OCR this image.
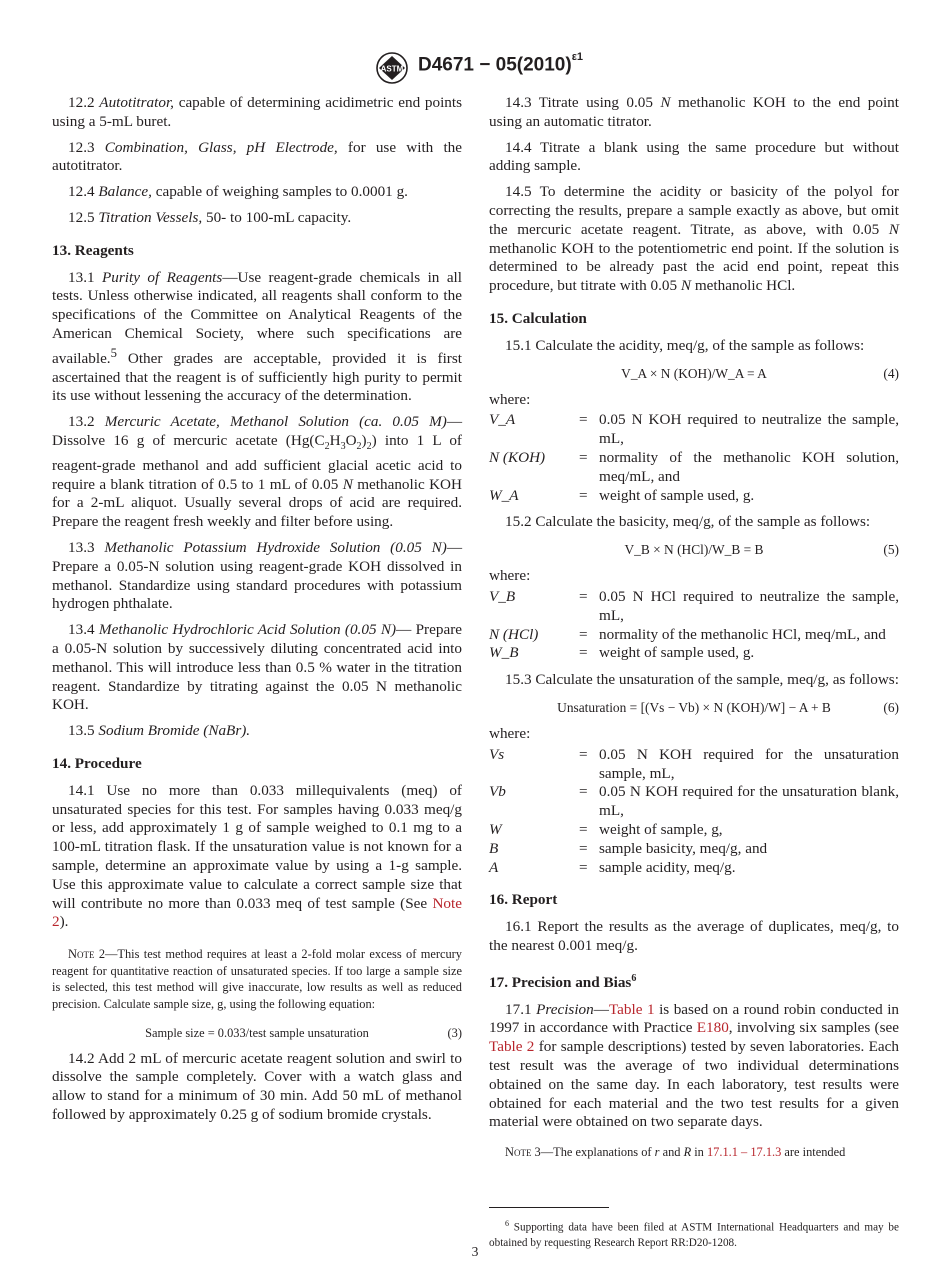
ASTM $D4671 - 05(2010)^{\varepsilon 1}$

12.2 Autotitrator, capable of determining acidimetric end points using a 5-mL buret.

12.3 Combination, Glass, pH Electrode, for use with the autotitrator.

12.4 Balance, capable of weighing samples to 0.0001 g.

12.5 Titration Vessels, 50- to 100-mL capacity.

13. Reagents

13.1 Purity of Reagents—Use reagent-grade chemicals in all tests. Unless otherwise indicated, all reagents shall conform to the specifications of the Committee on Analytical Reagents of the American Chemical Society, where such specifications are available.$^5$ Other grades are acceptable, provided it is first ascertained that the reagent is of sufficiently high purity to permit its use without lessening the accuracy of the determination.

13.2 Mercuric Acetate, Methanol Solution (ca. 0.05 M)— Dissolve 16 g of mercuric acetate $(Hg(C_2H_3O_2)_2)$ into 1 L of reagent-grade methanol and add sufficient glacial acetic acid to require a blank titration of 0.5 to 1 mL of 0.05 N methanolic KOH for a 2-mL aliquot. Usually several drops of acid are required. Prepare the reagent fresh weekly and filter before using.

13.3 Methanolic Potassium Hydroxide Solution (0.05 N)— Prepare a 0.05-N solution using reagent-grade KOH dissolved in methanol. Standardize using standard procedures with potassium hydrogen phthalate.

13.4 Methanolic Hydrochloric Acid Solution (0.05 N)— Prepare a 0.05-N solution by successively diluting concentrated acid into methanol. This will introduce less than 0.5 % water in the titration reagent. Standardize by titrating against the 0.05 N methanolic KOH.

13.5 Sodium Bromide (NaBr).

14. Procedure

14.1 Use no more than 0.033 millequivalents (meq) of unsaturated species for this test. For samples having 0.033 meq/g or less, add approximately 1 g of sample weighed to 0.1 mg to a 100-mL titration flask. If the unsaturation value is not known for a sample, determine an approximate value by using a 1-g sample. Use this approximate value to calculate a correct sample size that will contribute no more than 0.033 meq of test sample (See Note 2).

Note 2—This test method requires at least a 2-fold molar excess of mercury reagent for quantitative reaction of unsaturated species. If too large a sample size is selected, this test method will give inaccurate, low results as well as reduced precision. Calculate sample size, g, using the following equation:
Sample size = 0.033/test sample unsaturation	(3)

14.2 Add 2 mL of mercuric acetate reagent solution and swirl to dissolve the sample completely. Cover with a watch glass and allow to stand for a minimum of 30 min. Add 50 mL of methanol followed by approximately 0.25 g of sodium bromide crystals.

14.3 Titrate using 0.05 N methanolic KOH to the end point using an automatic titrator.

14.4 Titrate a blank using the same procedure but without adding sample.

14.5 To determine the acidity or basicity of the polyol for correcting the results, prepare a sample exactly as above, but omit the mercuric acetate reagent. Titrate, as above, with 0.05 N methanolic KOH to the potentiometric end point. If the solution is determined to be already past the acid end point, repeat this procedure, but titrate with 0.05 N methanolic HCl.

15. Calculation

15.1 Calculate the acidity, meq/g, of the sample as follows:

V_A × N (KOH)/W_A = A	(4)
where:
V_A	= 0.05 N KOH required to neutralize the sample, mL,
N (KOH)	= normality of the methanolic KOH solution, meq/mL, and
W_A	= weight of sample used, g.

15.2 Calculate the basicity, meq/g, of the sample as follows:

V_B × N (HCl)/W_B = B	(5)
where:
V_B	= 0.05 N HCl required to neutralize the sample, mL,
N (HCl)	= normality of the methanolic HCl, meq/mL, and
W_B	= weight of sample used, g.

15.3 Calculate the unsaturation of the sample, meq/g, as follows:

Unsaturation = [(Vs − Vb) × N (KOH)/W] − A + B	(6)
where:
Vs	= 0.05 N KOH required for the unsaturation sample, mL,
Vb	= 0.05 N KOH required for the unsaturation blank, mL,
W	= weight of sample, g,
B	= sample basicity, meq/g, and
A	= sample acidity, meq/g.
16. Report

16.1 Report the results as the average of duplicates, meq/g, to the nearest 0.001 meq/g.

17. Precision and Bias$^6$

17.1 Precision—Table 1 is based on a round robin conducted in 1997 in accordance with Practice E180, involving six samples (see Table 2 for sample descriptions) tested by seven laboratories. Each test result was the average of two individual determinations obtained on the same day. In each laboratory, test results were obtained for each material and the two test results for a given material were obtained on two separate days.

Note 3—The explanations of r and R in 17.1.1 – 17.1.3 are intended
$^6$ Supporting data have been filed at ASTM International Headquarters and may be obtained by requesting Research Report RR:D20-1208.
3
